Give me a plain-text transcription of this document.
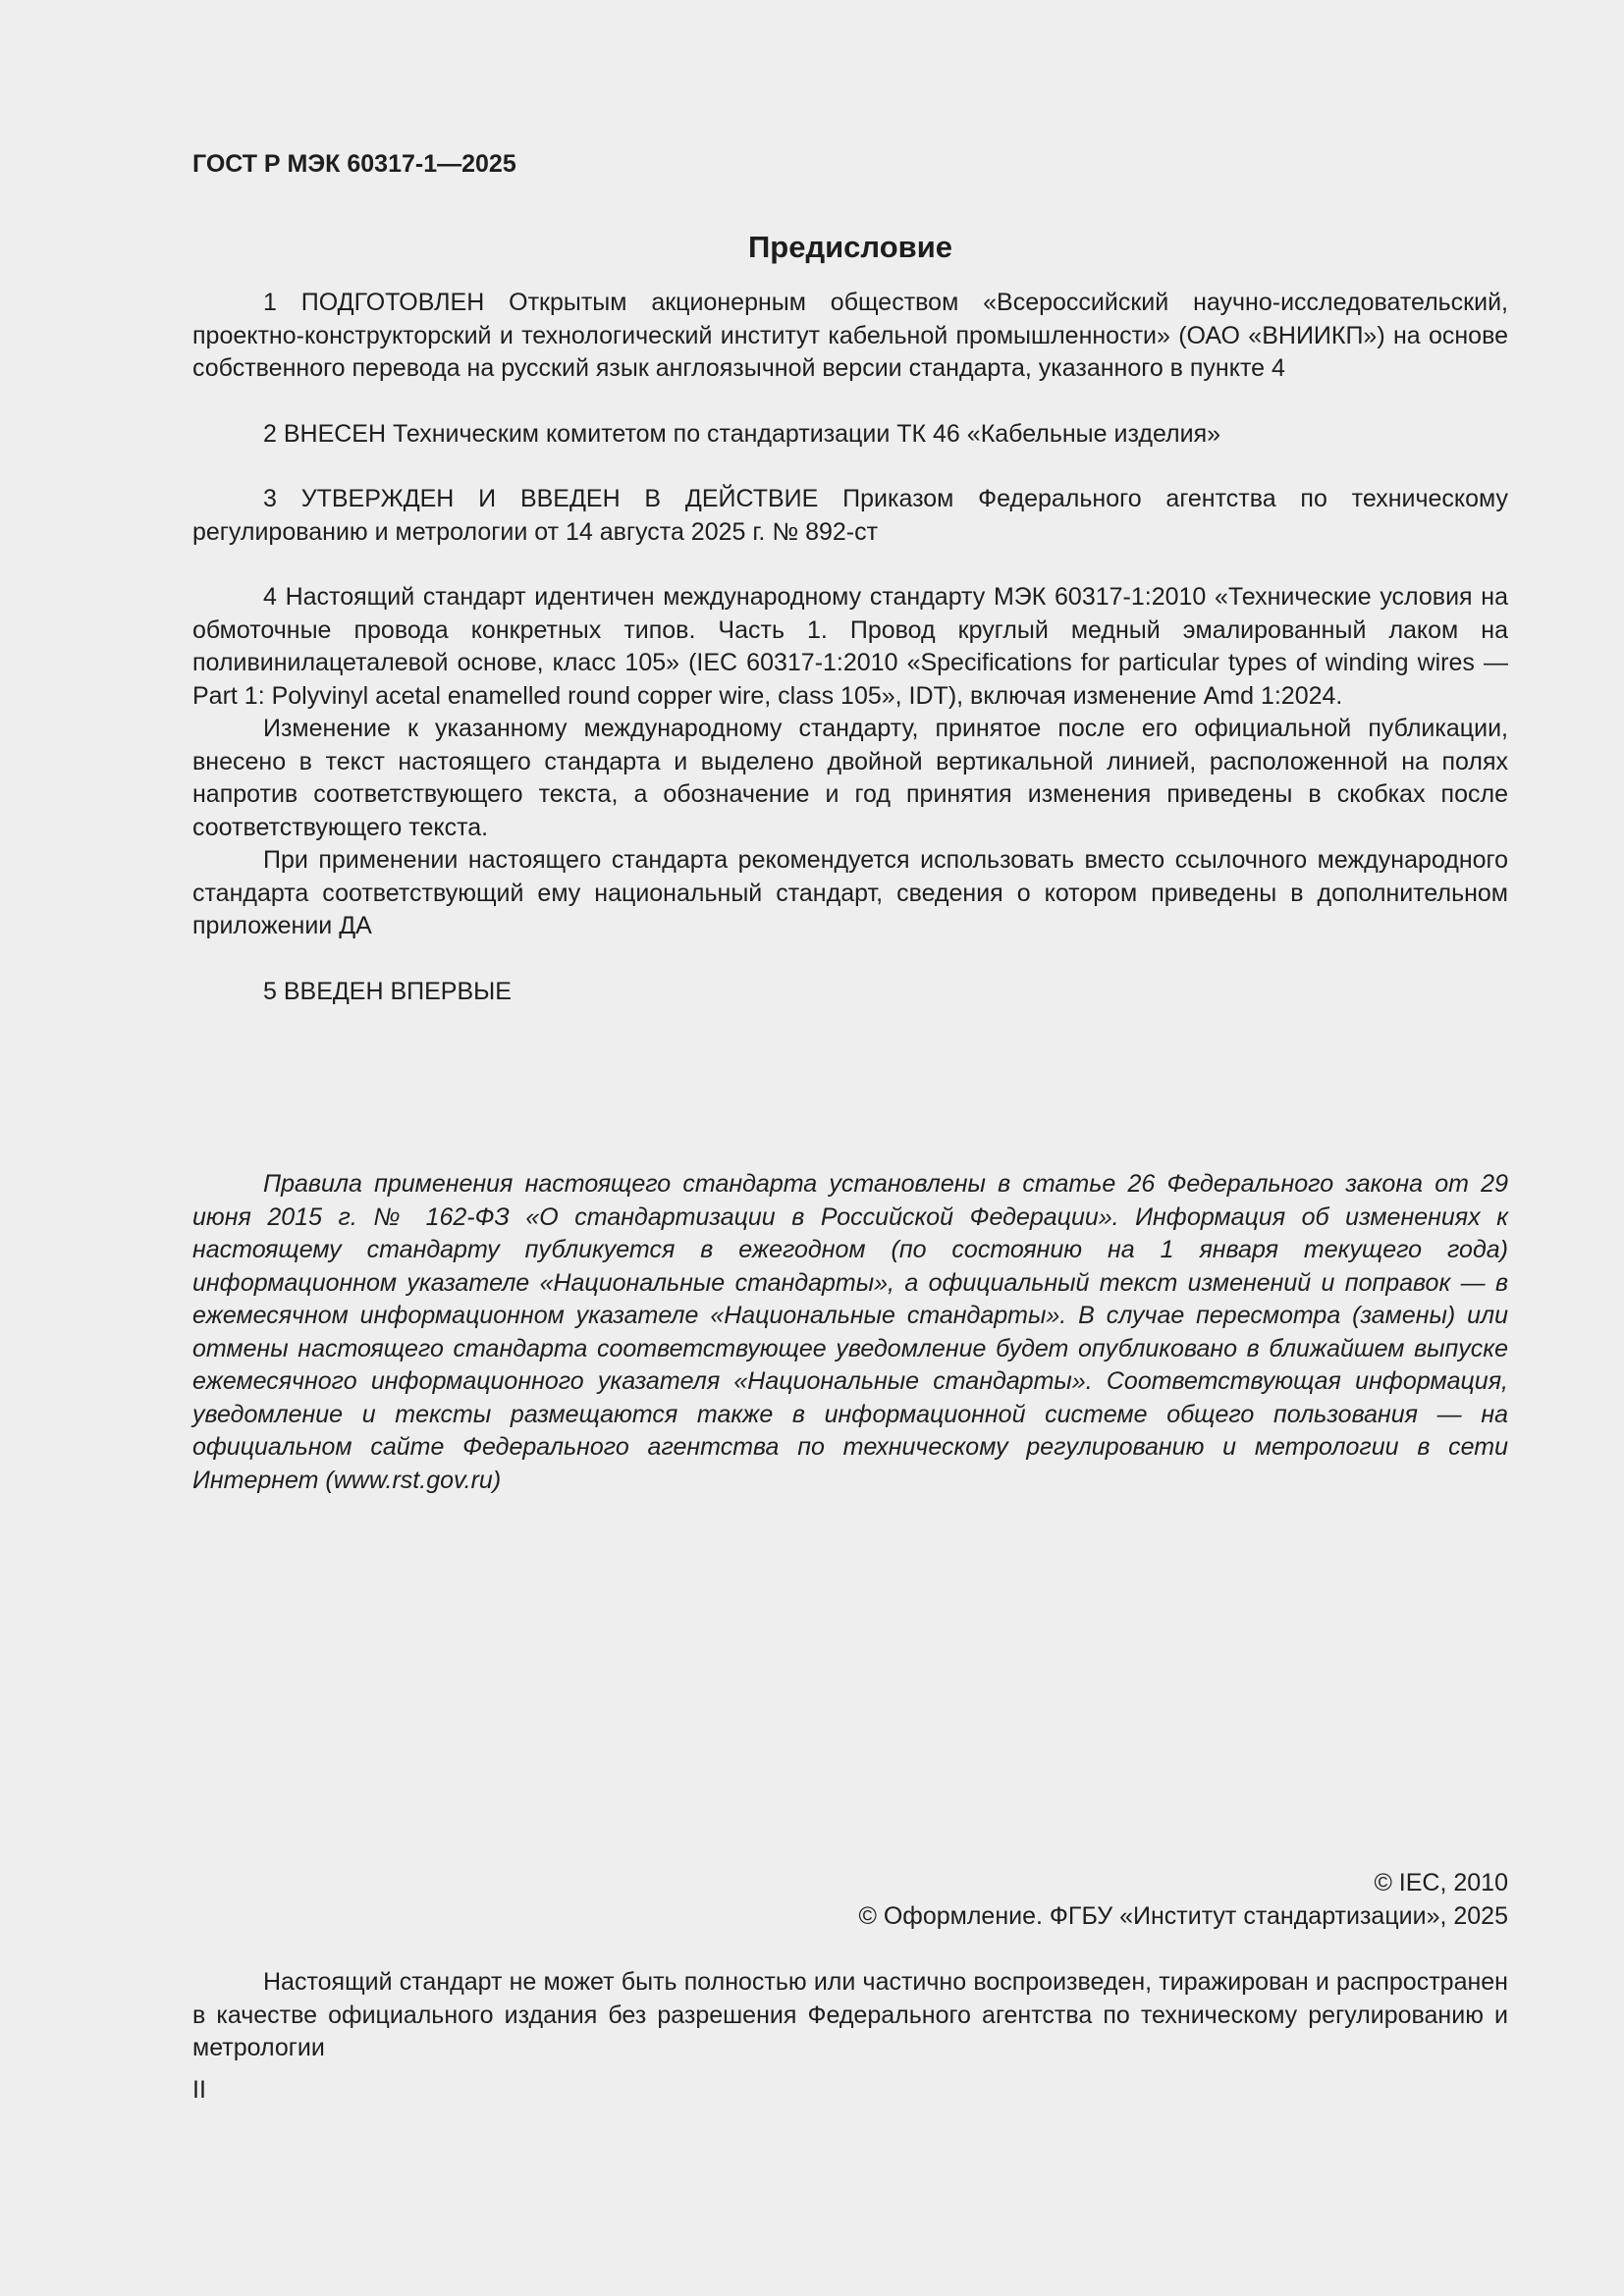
ГОСТ Р МЭК 60317-1—2025

Предисловие

1 ПОДГОТОВЛЕН Открытым акционерным обществом «Всероссийский научно-исследовательский, проектно-конструкторский и технологический институт кабельной промышленности» (ОАО «ВНИИКП») на основе собственного перевода на русский язык англоязычной версии стандарта, указанного в пункте 4

2 ВНЕСЕН Техническим комитетом по стандартизации ТК 46 «Кабельные изделия»

3 УТВЕРЖДЕН И ВВЕДЕН В ДЕЙСТВИЕ Приказом Федерального агентства по техническому регулированию и метрологии от 14 августа 2025 г. № 892-ст

4 Настоящий стандарт идентичен международному стандарту МЭК 60317-1:2010 «Технические условия на обмоточные провода конкретных типов. Часть 1. Провод круглый медный эмалированный лаком на поливинилацеталевой основе, класс 105» (IEC 60317-1:2010 «Specifications for particular types of winding wires — Part 1: Polyvinyl acetal enamelled round copper wire, class 105», IDT), включая изменение Amd 1:2024.

Изменение к указанному международному стандарту, принятое после его официальной публикации, внесено в текст настоящего стандарта и выделено двойной вертикальной линией, расположенной на полях напротив соответствующего текста, а обозначение и год принятия изменения приведены в скобках после соответствующего текста.

При применении настоящего стандарта рекомендуется использовать вместо ссылочного международного стандарта соответствующий ему национальный стандарт, сведения о котором приведены в дополнительном приложении ДА

5 ВВЕДЕН ВПЕРВЫЕ

Правила применения настоящего стандарта установлены в статье 26 Федерального закона от 29 июня 2015 г. № 162-ФЗ «О стандартизации в Российской Федерации». Информация об изменениях к настоящему стандарту публикуется в ежегодном (по состоянию на 1 января текущего года) информационном указателе «Национальные стандарты», а официальный текст изменений и поправок — в ежемесячном информационном указателе «Национальные стандарты». В случае пересмотра (замены) или отмены настоящего стандарта соответствующее уведомление будет опубликовано в ближайшем выпуске ежемесячного информационного указателя «Национальные стандарты». Соответствующая информация, уведомление и тексты размещаются также в информационной системе общего пользования — на официальном сайте Федерального агентства по техническому регулированию и метрологии в сети Интернет (www.rst.gov.ru)

© IEC, 2010
© Оформление. ФГБУ «Институт стандартизации», 2025

Настоящий стандарт не может быть полностью или частично воспроизведен, тиражирован и распространен в качестве официального издания без разрешения Федерального агентства по техническому регулированию и метрологии

II
